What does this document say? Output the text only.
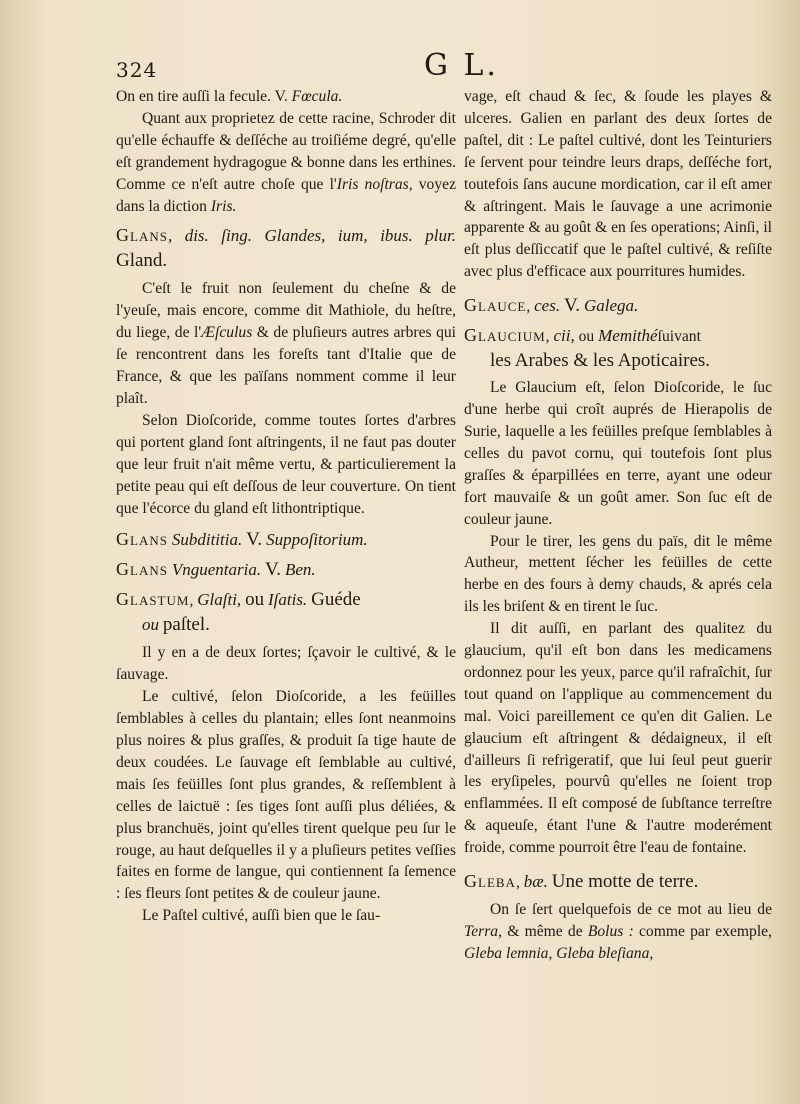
324	G L.

On en tire auſſi la fecule. V. Fœcula.

Quant aux proprietez de cette racine, Schroder dit qu'elle échauffe & deſſéche au troiſiéme degré, qu'elle eſt grandement hydragogue & bonne dans les erthines. Comme ce n'eſt autre choſe que l'Iris noſtras, voyez dans la diction Iris.

Glans, dis. ſing. Glandes, ium, ibus. plur. Gland.

C'eſt le fruit non ſeulement du cheſne & de l'yeuſe, mais encore, comme dit Mathiole, du heſtre, du liege, de l'Æſculus & de pluſieurs autres arbres qui ſe rencontrent dans les foreſts tant d'Italie que de France, & que les païſans nomment comme il leur plaît.

Selon Dioſcoride, comme toutes ſortes d'arbres qui portent gland ſont aſtringents, il ne faut pas douter que leur fruit n'ait même vertu, & particulierement la petite peau qui eſt deſſous de leur couverture. On tient que l'écorce du gland eſt lithontriptique.

Glans Subdititia. V. Suppoſitorium.
Glans Vnguentaria. V. Ben.
Glastum, Glaſti, ou Iſatis. Guéde
ou paſtel.

Il y en a de deux ſortes; ſçavoir le cultivé, & le ſauvage.

Le cultivé, ſelon Dioſcoride, a les feüilles ſemblables à celles du plantain; elles ſont neanmoins plus noires & plus graſſes, & produit ſa tige haute de deux coudées. Le ſauvage eſt ſemblable au cultivé, mais ſes feüilles ſont plus grandes, & reſſemblent à celles de laictuë : ſes tiges ſont auſſi plus déliées, & plus branchuës, joint qu'elles tirent quelque peu ſur le rouge, au haut deſquelles il y a pluſieurs petites veſſies faites en forme de langue, qui contiennent ſa ſemence : ſes fleurs ſont petites & de couleur jaune.

Le Paſtel cultivé, auſſi bien que le ſau-

vage, eſt chaud & ſec, & ſoude les playes & ulceres. Galien en parlant des deux ſortes de paſtel, dit : Le paſtel cultivé, dont les Teinturiers ſe ſervent pour teindre leurs draps, deſſéche fort, toutefois ſans aucune mordication, car il eſt amer & aſtringent. Mais le ſauvage a une acrimonie apparente & au goût & en ſes operations; Ainſi, il eſt plus deſſiccatif que le paſtel cultivé, & reſiſte avec plus d'efficace aux pourritures humides.

Glauce, ces. V. Galega.
Glaucium, cii, ou Memithéſuivant
les Arabes & les Apoticaires.

Le Glaucium eſt, ſelon Dioſcoride, le ſuc d'une herbe qui croît auprés de Hierapolis de Surie, laquelle a les feüilles preſque ſemblables à celles du pavot cornu, qui toutefois ſont plus graſſes & éparpillées en terre, ayant une odeur fort mauvaiſe & un goût amer. Son ſuc eſt de couleur jaune.

Pour le tirer, les gens du païs, dit le même Autheur, mettent ſécher les feüilles de cette herbe en des fours à demy chauds, & aprés cela ils les briſent & en tirent le ſuc.

Il dit auſſi, en parlant des qualitez du glaucium, qu'il eſt bon dans les medicamens ordonnez pour les yeux, parce qu'il rafraîchit, ſur tout quand on l'applique au commencement du mal. Voici pareillement ce qu'en dit Galien. Le glaucium eſt aſtringent & dédaigneux, il eſt d'ailleurs ſi refrigeratif, que lui ſeul peut guerir les eryſipeles, pourvû qu'elles ne ſoient trop enflammées. Il eſt composé de ſubſtance terreſtre & aqueuſe, étant l'une & l'autre moderément froide, comme pourroit être l'eau de fontaine.

Gleba, bæ. Une motte de terre.

On ſe ſert quelquefois de ce mot au lieu de Terra, & même de Bolus : comme par exemple, Gleba lemnia, Gleba bleſiana,
